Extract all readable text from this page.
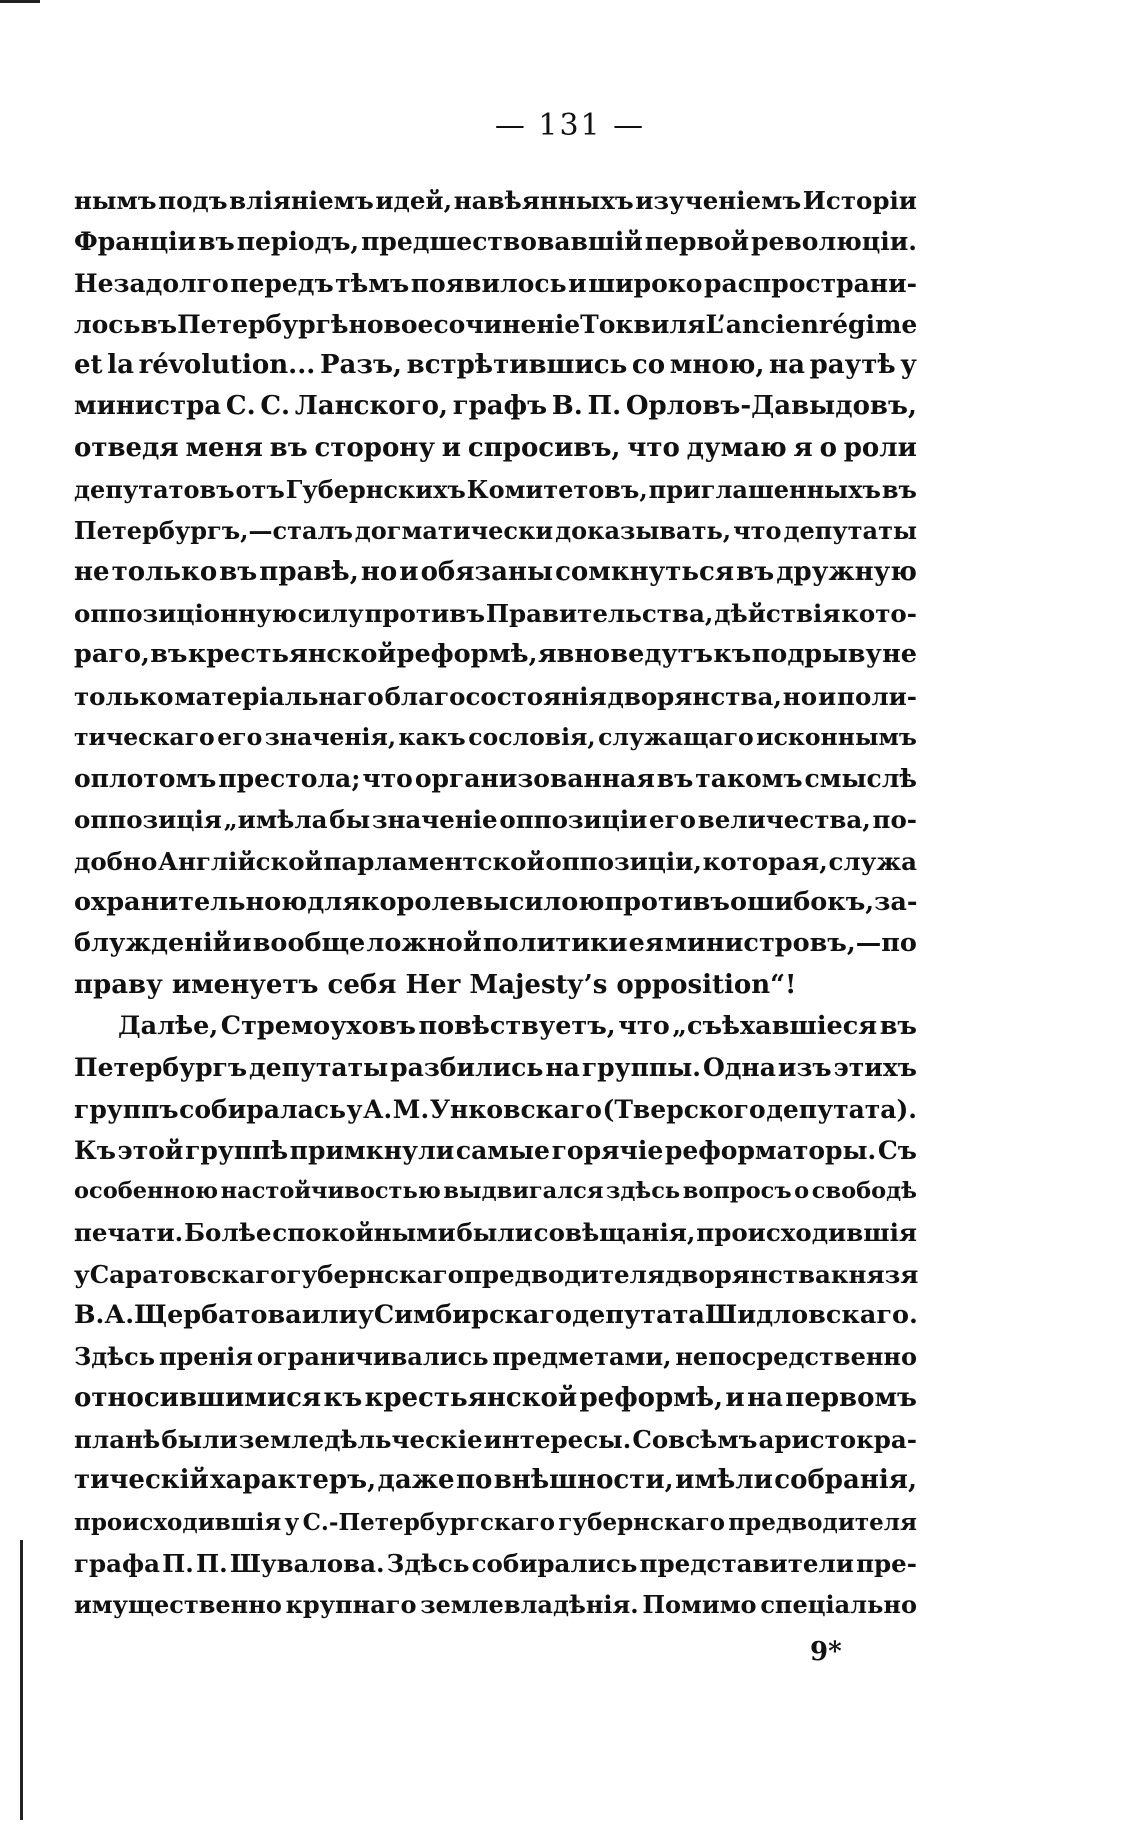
— 131 —
нымъ подъ вліяніемъ идей, навѣянныхъ изученіемъ Исторіи
Франціи въ періодъ, предшествовавшій первой революціи.
Незадолго передъ тѣмъ появилось и широко распространи-
лось въ Петербургѣ новое сочиненіе Токвиля L’ancien régime
et la révolution... Разъ, встрѣтившись со мною, на раутѣ у
министра С. С. Ланского, графъ В. П. Орловъ-Давыдовъ,
отведя меня въ сторону и спросивъ, что думаю я о роли
депутатовъ отъ Губернскихъ Комитетовъ, приглашенныхъ въ
Петербургъ,—сталъ догматически доказывать, что депутаты
не только въ правѣ, но и обязаны сомкнуться въ дружную
оппозиціонную силу противъ Правительства, дѣйствія кото-
раго, въ крестьянской реформѣ, явно ведутъ къ подрыву не
только матеріальнаго благосостоянія дворянства, но и поли-
тическаго его значенія, какъ сословія, служащаго исконнымъ
оплотомъ престола; что организованная въ такомъ смыслѣ
оппозиція „имѣла бы значеніе оппозиціи его величества, по-
добно Англійской парламентской оппозиціи, которая, служа
охранительною для королевы силою противъ ошибокъ, за-
блужденій и вообще ложной политики ея министровъ,—по
праву именуетъ себя Her Majesty’s opposition“!
Далѣе, Стремоуховъ повѣствуетъ, что „съѣхавшіеся въ
Петербургъ депутаты разбились на группы. Одна изъ этихъ
группъ собиралась у А. М. Унковскаго (Тверского депутата).
Къ этой группѣ примкнули самые горячіе реформаторы. Съ
особенною настойчивостью выдвигался здѣсь вопросъ о свободѣ
печати. Болѣе спокойными были совѣщанія, происходившія
у Саратовскаго губернскаго предводителя дворянства князя
В. А. Щербатова или у Симбирскаго депутата Шидловскаго.
Здѣсь пренія ограничивались предметами, непосредственно
относившимися къ крестьянской реформѣ, и на первомъ
планѣ были земледѣльческіе интересы. Совсѣмъ аристокра-
тическій характеръ, даже по внѣшности, имѣли собранія,
происходившія у С.-Петербургскаго губернскаго предводителя
графа П. П. Шувалова. Здѣсь собирались представители пре-
имущественно крупнаго землевладѣнія. Помимо спеціально
9*
